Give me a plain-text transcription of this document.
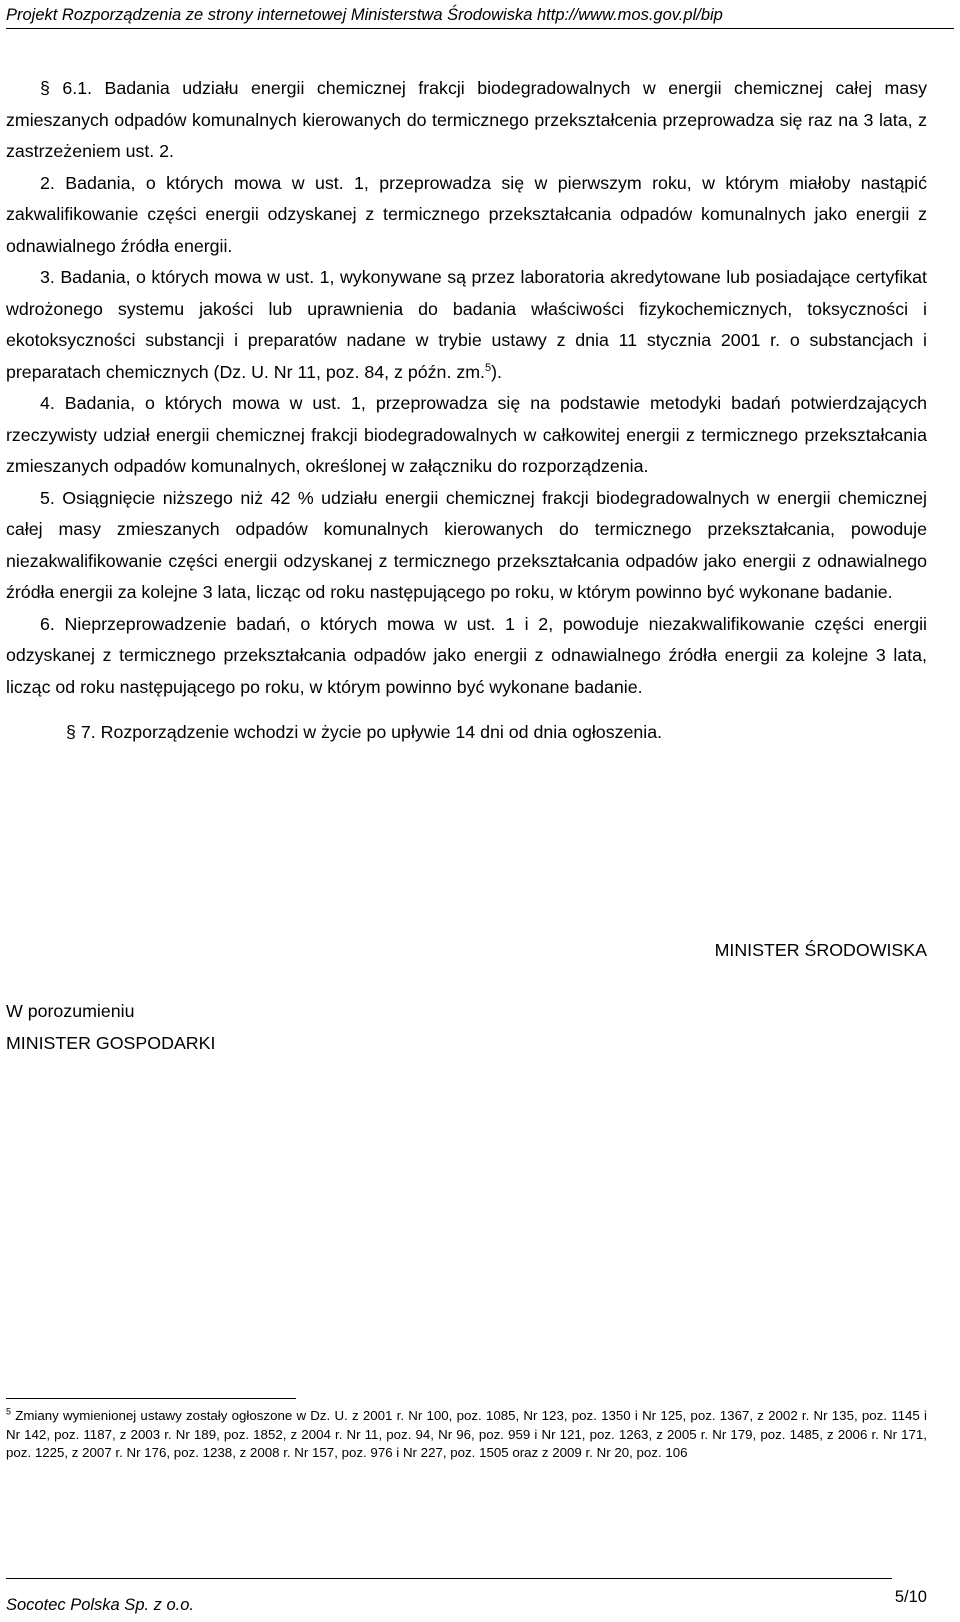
Projekt Rozporządzenia ze strony internetowej Ministerstwa Środowiska http://www.mos.gov.pl/bip

§ 6.1. Badania udziału energii chemicznej frakcji biodegradowalnych w energii chemicznej całej masy zmieszanych odpadów komunalnych kierowanych do termicznego przekształcenia przeprowadza się raz na 3 lata, z zastrzeżeniem ust. 2.

2. Badania, o których mowa w ust. 1, przeprowadza się w pierwszym roku, w którym miałoby nastąpić zakwalifikowanie części energii odzyskanej z termicznego przekształcania odpadów komunalnych jako energii z odnawialnego źródła energii.

3. Badania, o których mowa w ust. 1, wykonywane są przez laboratoria akredytowane lub posiadające certyfikat wdrożonego systemu jakości lub uprawnienia do badania właściwości fizykochemicznych, toksyczności i ekotoksyczności substancji i preparatów nadane w trybie ustawy z dnia 11 stycznia 2001 r. o substancjach i preparatach chemicznych (Dz. U. Nr 11, poz. 84, z późn. zm.$^5$).

4. Badania, o których mowa w ust. 1, przeprowadza się na podstawie metodyki badań potwierdzających rzeczywisty udział energii chemicznej frakcji biodegradowalnych w całkowitej energii z termicznego przekształcania zmieszanych odpadów komunalnych, określonej w załączniku do rozporządzenia.

5. Osiągnięcie niższego niż 42 % udziału energii chemicznej frakcji biodegradowalnych w energii chemicznej całej masy zmieszanych odpadów komunalnych kierowanych do termicznego przekształcania, powoduje niezakwalifikowanie części energii odzyskanej z termicznego przekształcania odpadów jako energii z odnawialnego źródła energii za kolejne 3 lata, licząc od roku następującego po roku, w którym powinno być wykonane badanie.

6. Nieprzeprowadzenie badań, o których mowa w ust. 1 i 2, powoduje niezakwalifikowanie części energii odzyskanej z termicznego przekształcania odpadów jako energii z odnawialnego źródła energii za kolejne 3 lata, licząc od roku następującego po roku, w którym powinno być wykonane badanie.

§ 7. Rozporządzenie wchodzi w życie po upływie 14 dni od dnia ogłoszenia.

MINISTER ŚRODOWISKA
W porozumieniu
MINISTER GOSPODARKI
$^5$ Zmiany wymienionej ustawy zostały ogłoszone w Dz. U. z 2001 r. Nr 100, poz. 1085, Nr 123, poz. 1350 i Nr 125, poz. 1367, z 2002 r. Nr 135, poz. 1145 i Nr 142, poz. 1187, z 2003 r. Nr 189, poz. 1852, z 2004 r. Nr 11, poz. 94, Nr 96, poz. 959 i Nr 121, poz. 1263, z 2005 r. Nr 179, poz. 1485, z 2006 r. Nr 171, poz. 1225, z 2007 r. Nr 176, poz. 1238, z 2008 r. Nr 157, poz. 976 i Nr 227, poz. 1505 oraz z 2009 r. Nr 20, poz. 106
Socotec Polska Sp. z o.o.	5/10
